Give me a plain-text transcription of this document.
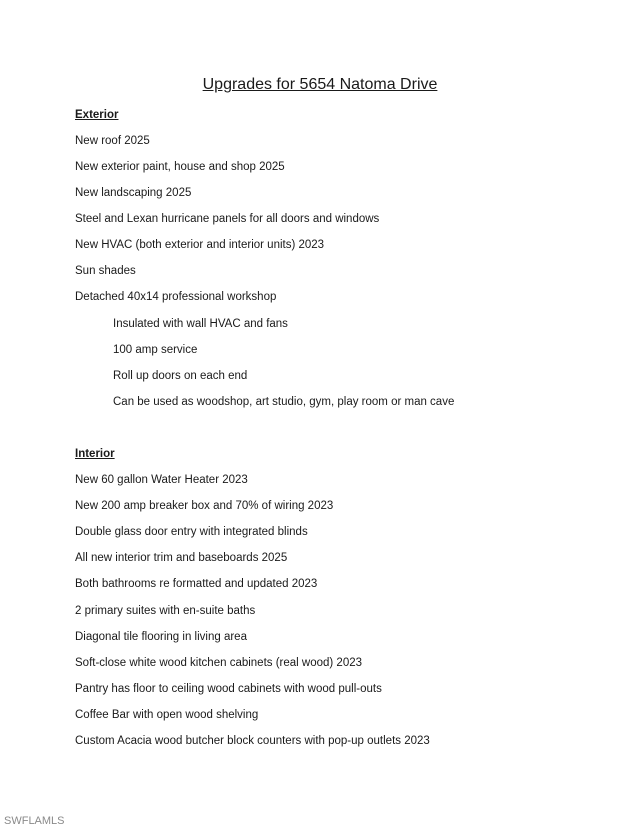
Upgrades for 5654 Natoma Drive
Exterior
New roof 2025
New exterior paint, house and shop 2025
New landscaping 2025
Steel and Lexan hurricane panels for all doors and windows
New HVAC (both exterior and interior units) 2023
Sun shades
Detached 40x14 professional workshop
Insulated with wall HVAC and fans
100 amp service
Roll up doors on each end
Can be used as woodshop, art studio, gym, play room or man cave
Interior
New 60 gallon Water Heater 2023
New 200 amp breaker box and 70% of wiring 2023
Double glass door entry with integrated blinds
All new interior trim and baseboards 2025
Both bathrooms re formatted and updated 2023
2 primary suites with en-suite baths
Diagonal tile flooring in living area
Soft-close white wood kitchen cabinets (real wood) 2023
Pantry has floor to ceiling wood cabinets with wood pull-outs
Coffee Bar with open wood shelving
Custom Acacia wood butcher block counters with pop-up outlets 2023
SWFLAMLS
